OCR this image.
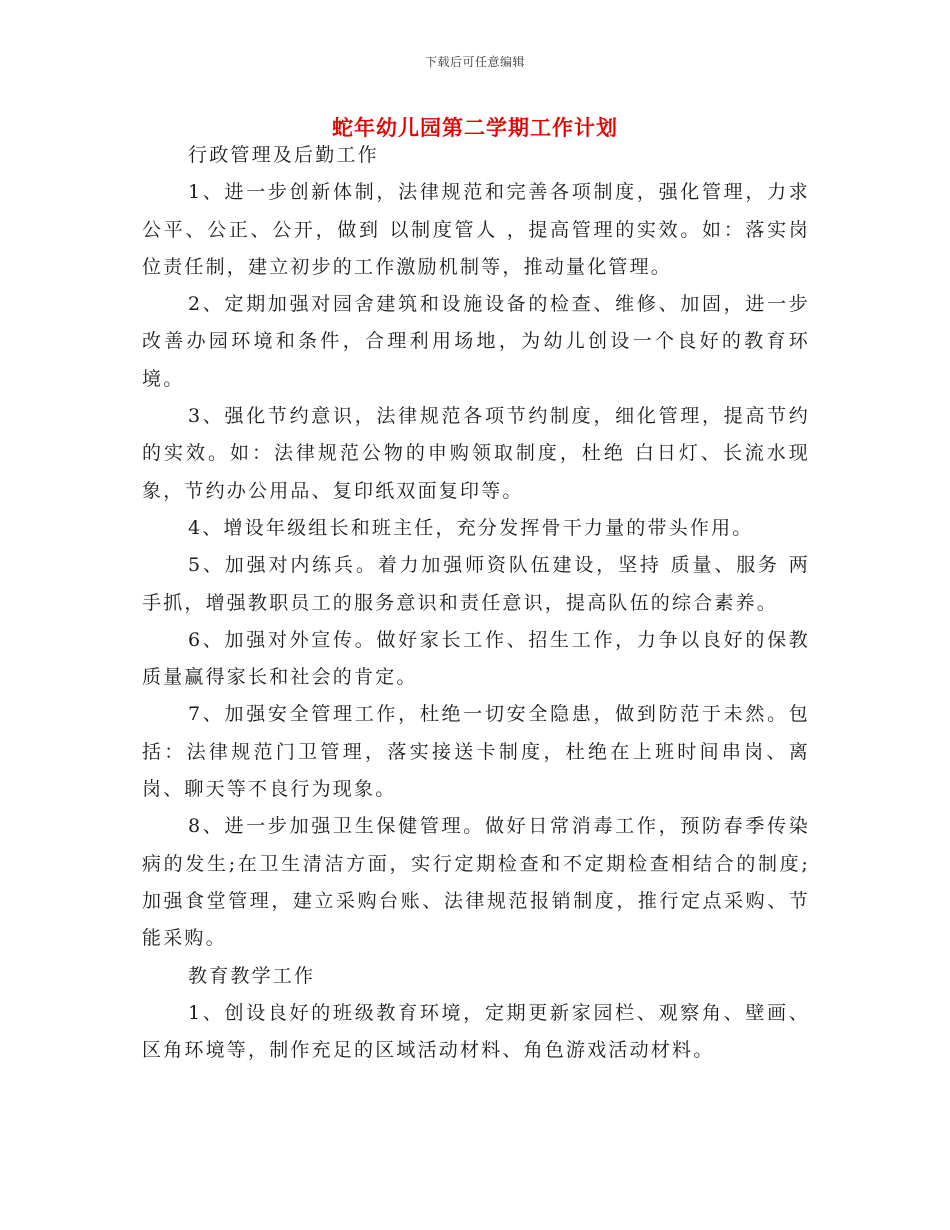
下载后可任意编辑
蛇年幼儿园第二学期工作计划

行政管理及后勤工作

1、进一步创新体制，法律规范和完善各项制度，强化管理，力求公平、公正、公开，做到 以制度管人 ，提高管理的实效。如：落实岗位责任制，建立初步的工作激励机制等，推动量化管理。

2、定期加强对园舍建筑和设施设备的检查、维修、加固，进一步改善办园环境和条件，合理利用场地，为幼儿创设一个良好的教育环境。

3、强化节约意识，法律规范各项节约制度，细化管理，提高节约的实效。如：法律规范公物的申购领取制度，杜绝 白日灯、长流水现象，节约办公用品、复印纸双面复印等。

4、增设年级组长和班主任，充分发挥骨干力量的带头作用。

5、加强对内练兵。着力加强师资队伍建设，坚持 质量、服务 两手抓，增强教职员工的服务意识和责任意识，提高队伍的综合素养。

6、加强对外宣传。做好家长工作、招生工作，力争以良好的保教质量赢得家长和社会的肯定。

7、加强安全管理工作，杜绝一切安全隐患，做到防范于未然。包括：法律规范门卫管理，落实接送卡制度，杜绝在上班时间串岗、离岗、聊天等不良行为现象。

8、进一步加强卫生保健管理。做好日常消毒工作，预防春季传染病的发生;在卫生清洁方面，实行定期检查和不定期检查相结合的制度;加强食堂管理，建立采购台账、法律规范报销制度，推行定点采购、节能采购。

教育教学工作

1、创设良好的班级教育环境，定期更新家园栏、观察角、壁画、区角环境等，制作充足的区域活动材料、角色游戏活动材料。
